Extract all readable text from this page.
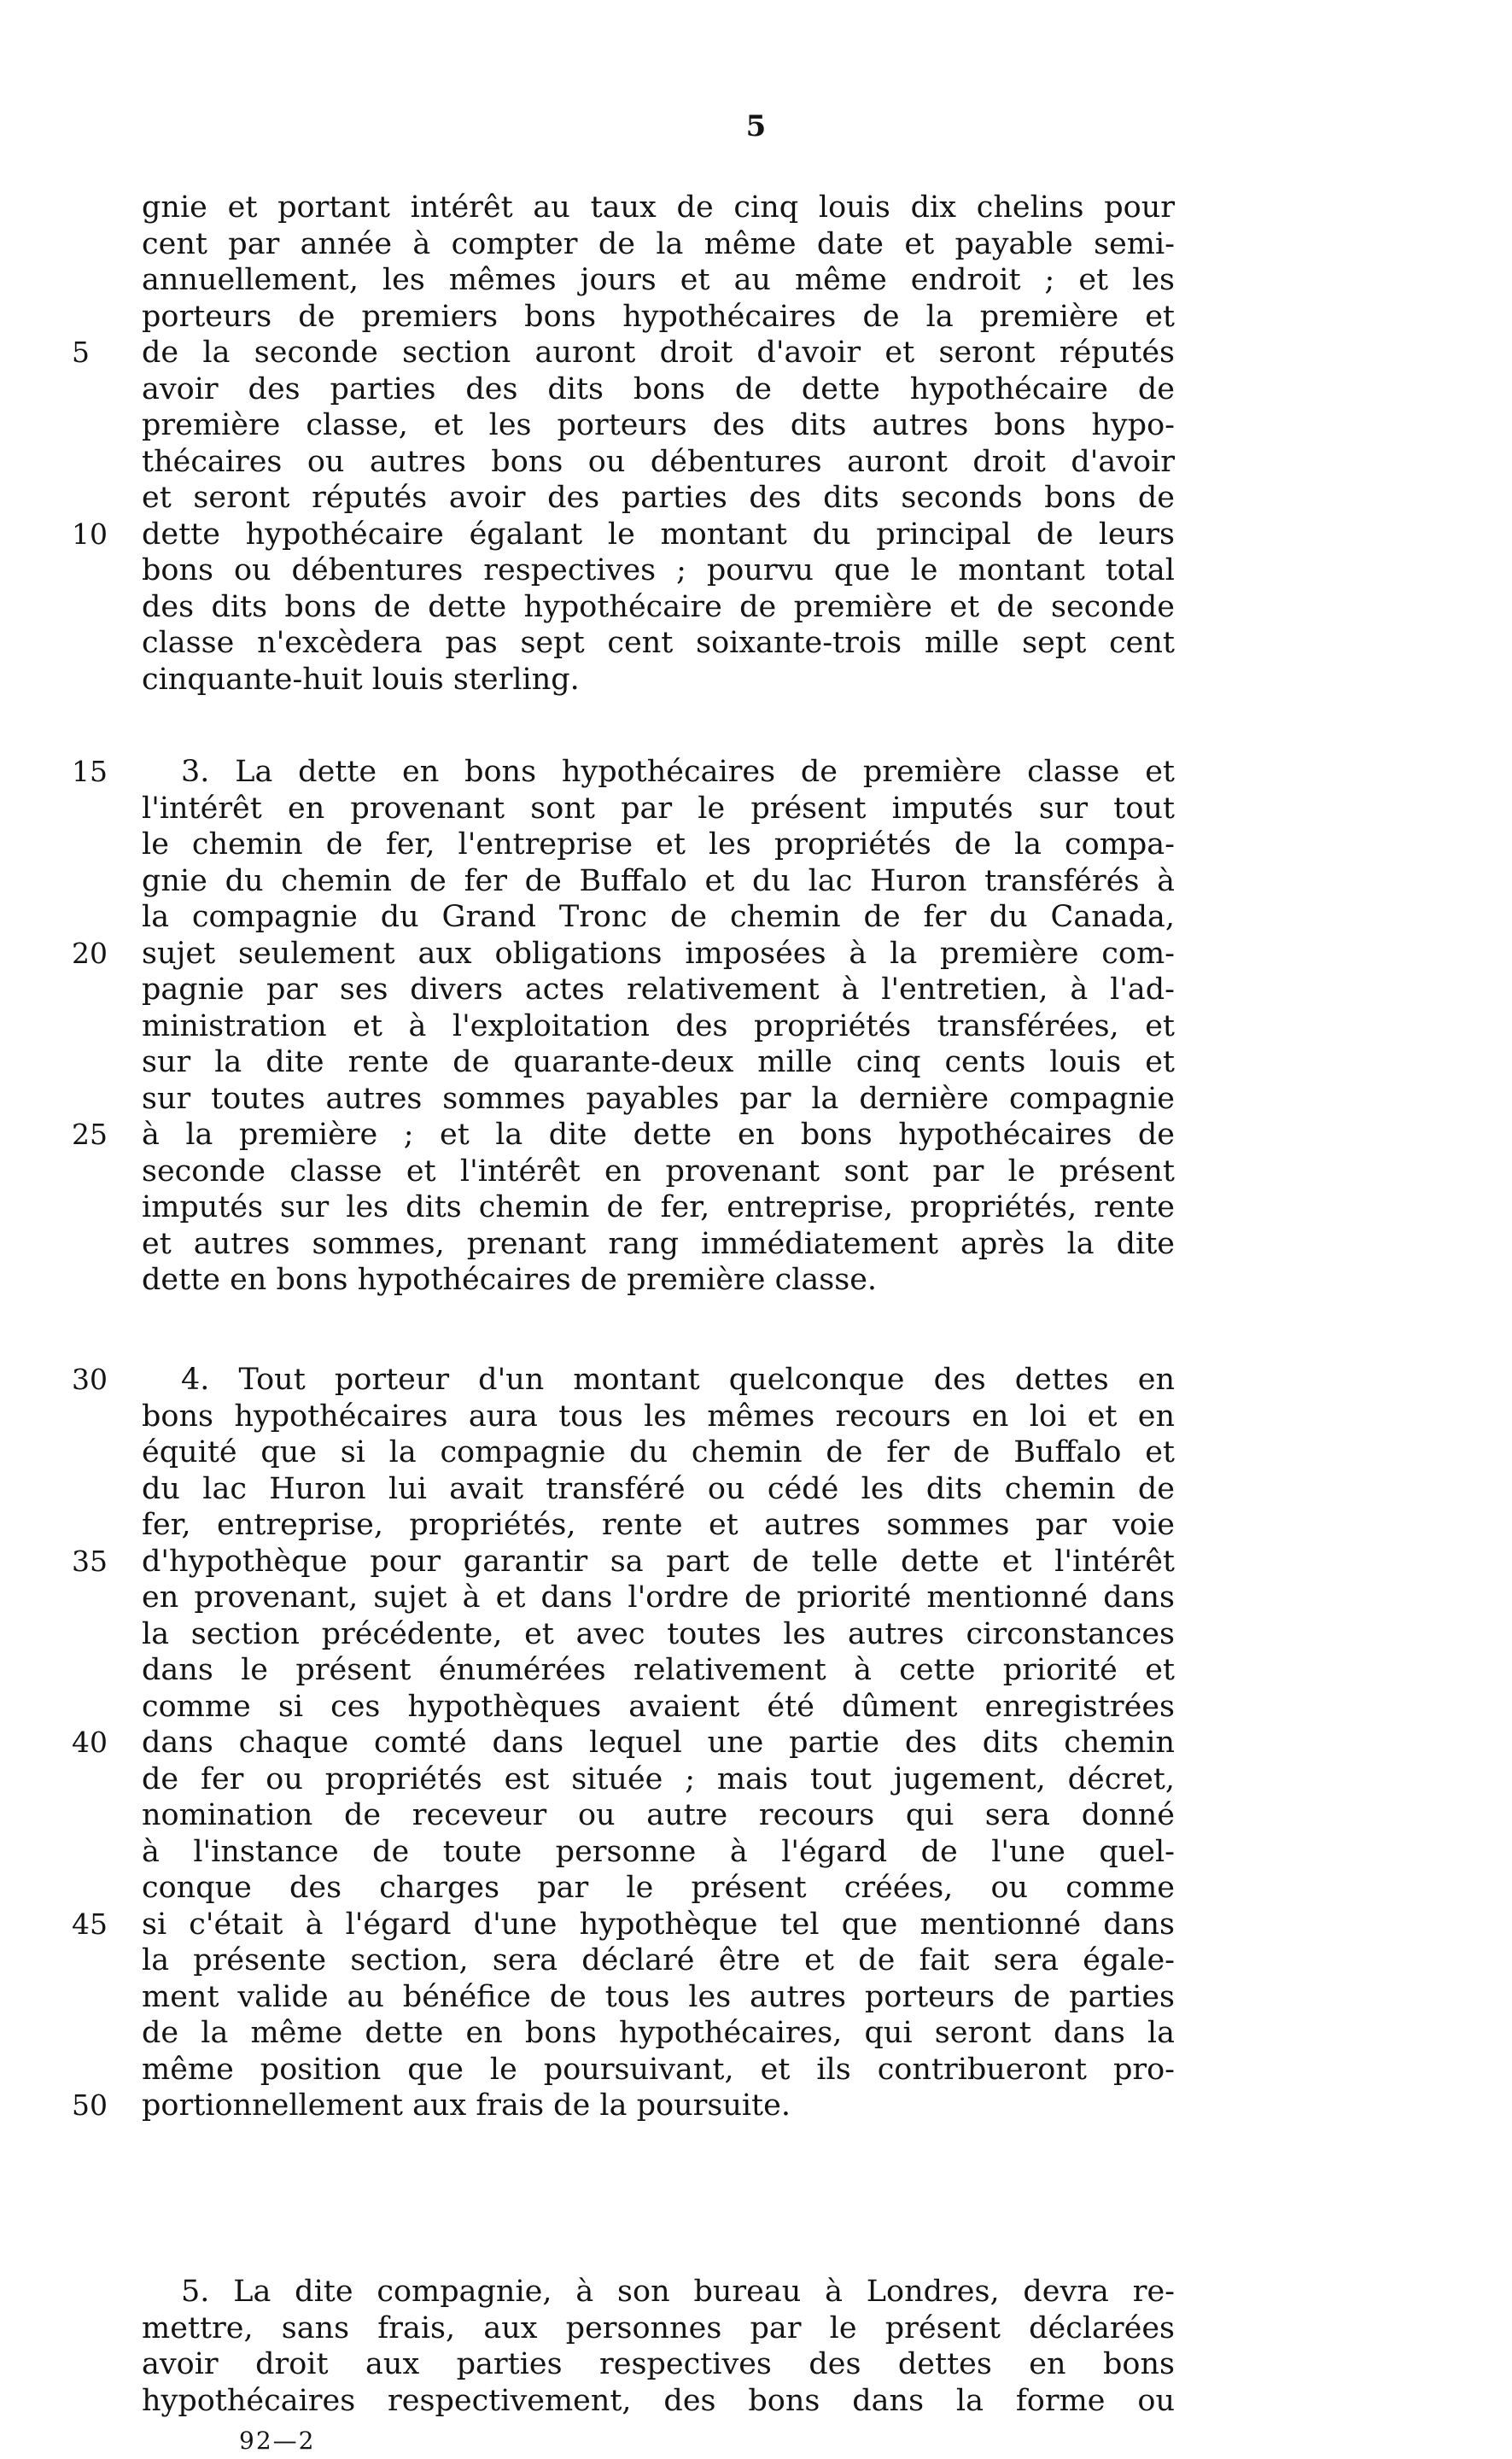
5
gnie et portant intérêt au taux de cinq louis dix chelins pour
cent par année à compter de la même date et payable semi-
annuellement, les mêmes jours et au même endroit ; et les
porteurs de premiers bons hypothécaires de la première et
5	de la seconde section auront droit d'avoir et seront réputés
avoir des parties des dits bons de dette hypothécaire de
première classe, et les porteurs des dits autres bons hypo-
thécaires ou autres bons ou débentures auront droit d'avoir
et seront réputés avoir des parties des dits seconds bons de
10	dette hypothécaire égalant le montant du principal de leurs
bons ou débentures respectives ; pourvu que le montant total
des dits bons de dette hypothécaire de première et de seconde
classe n'excèdera pas sept cent soixante-trois mille sept cent
cinquante-huit louis sterling.
15	3. La dette en bons hypothécaires de première classe et
l'intérêt en provenant sont par le présent imputés sur tout
le chemin de fer, l'entreprise et les propriétés de la compa-
gnie du chemin de fer de Buffalo et du lac Huron transférés à
la compagnie du Grand Tronc de chemin de fer du Canada,
20	sujet seulement aux obligations imposées à la première com-
pagnie par ses divers actes relativement à l'entretien, à l'ad-
ministration et à l'exploitation des propriétés transférées, et
sur la dite rente de quarante-deux mille cinq cents louis et
sur toutes autres sommes payables par la dernière compagnie
25	à la première ; et la dite dette en bons hypothécaires de
seconde classe et l'intérêt en provenant sont par le présent
imputés sur les dits chemin de fer, entreprise, propriétés, rente
et autres sommes, prenant rang immédiatement après la dite
dette en bons hypothécaires de première classe.
30	4. Tout porteur d'un montant quelconque des dettes en
bons hypothécaires aura tous les mêmes recours en loi et en
équité que si la compagnie du chemin de fer de Buffalo et
du lac Huron lui avait transféré ou cédé les dits chemin de
fer, entreprise, propriétés, rente et autres sommes par voie
35	d'hypothèque pour garantir sa part de telle dette et l'intérêt
en provenant, sujet à et dans l'ordre de priorité mentionné dans
la section précédente, et avec toutes les autres circonstances
dans le présent énumérées relativement à cette priorité et
comme si ces hypothèques avaient été dûment enregistrées
40	dans chaque comté dans lequel une partie des dits chemin
de fer ou propriétés est située ; mais tout jugement, décret,
nomination de receveur ou autre recours qui sera donné
à l'instance de toute personne à l'égard de l'une quel-
conque des charges par le présent créées, ou comme
45	si c'était à l'égard d'une hypothèque tel que mentionné dans
la présente section, sera déclaré être et de fait sera égale-
ment valide au bénéfice de tous les autres porteurs de parties
de la même dette en bons hypothécaires, qui seront dans la
même position que le poursuivant, et ils contribueront pro-
50	portionnellement aux frais de la poursuite.
5. La dite compagnie, à son bureau à Londres, devra re-
mettre, sans frais, aux personnes par le présent déclarées
avoir droit aux parties respectives des dettes en bons
hypothécaires respectivement, des bons dans la forme ou
92—2
